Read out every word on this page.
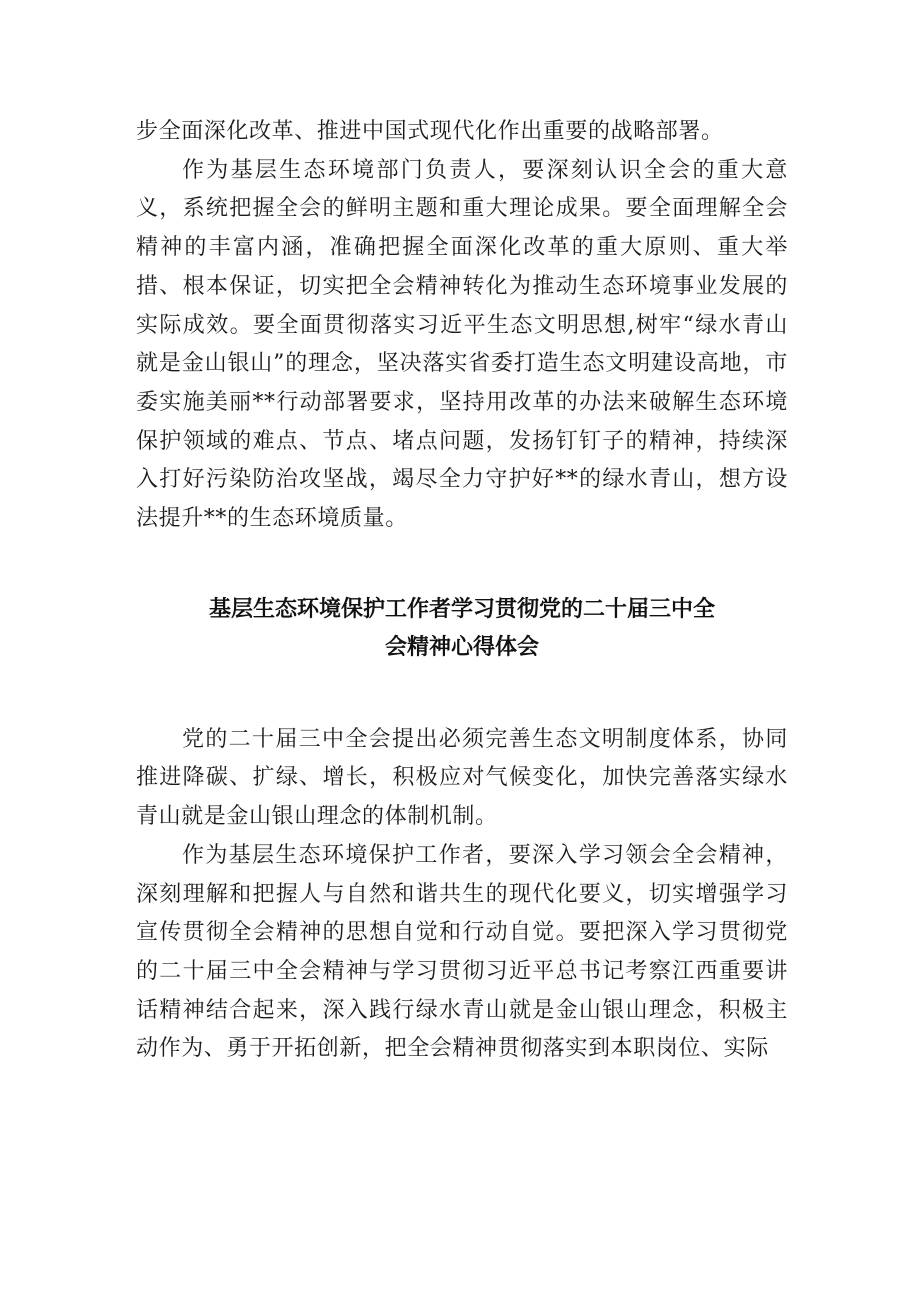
步全面深化改革、推进中国式现代化作出重要的战略部署。

作为基层生态环境部门负责人，要深刻认识全会的重大意义，系统把握全会的鲜明主题和重大理论成果。要全面理解全会精神的丰富内涵，准确把握全面深化改革的重大原则、重大举措、根本保证，切实把全会精神转化为推动生态环境事业发展的实际成效。要全面贯彻落实习近平生态文明思想,树牢“绿水青山就是金山银山”的理念，坚决落实省委打造生态文明建设高地，市委实施美丽**行动部署要求，坚持用改革的办法来破解生态环境保护领域的难点、节点、堵点问题，发扬钉钉子的精神，持续深入打好污染防治攻坚战，竭尽全力守护好**的绿水青山，想方设法提升**的生态环境质量。

基层生态环境保护工作者学习贯彻党的二十届三中全
会精神心得体会

党的二十届三中全会提出必须完善生态文明制度体系，协同推进降碳、扩绿、增长，积极应对气候变化，加快完善落实绿水青山就是金山银山理念的体制机制。

作为基层生态环境保护工作者，要深入学习领会全会精神，深刻理解和把握人与自然和谐共生的现代化要义，切实增强学习宣传贯彻全会精神的思想自觉和行动自觉。要把深入学习贯彻党的二十届三中全会精神与学习贯彻习近平总书记考察江西重要讲话精神结合起来，深入践行绿水青山就是金山银山理念，积极主动作为、勇于开拓创新，把全会精神贯彻落实到本职岗位、实际
